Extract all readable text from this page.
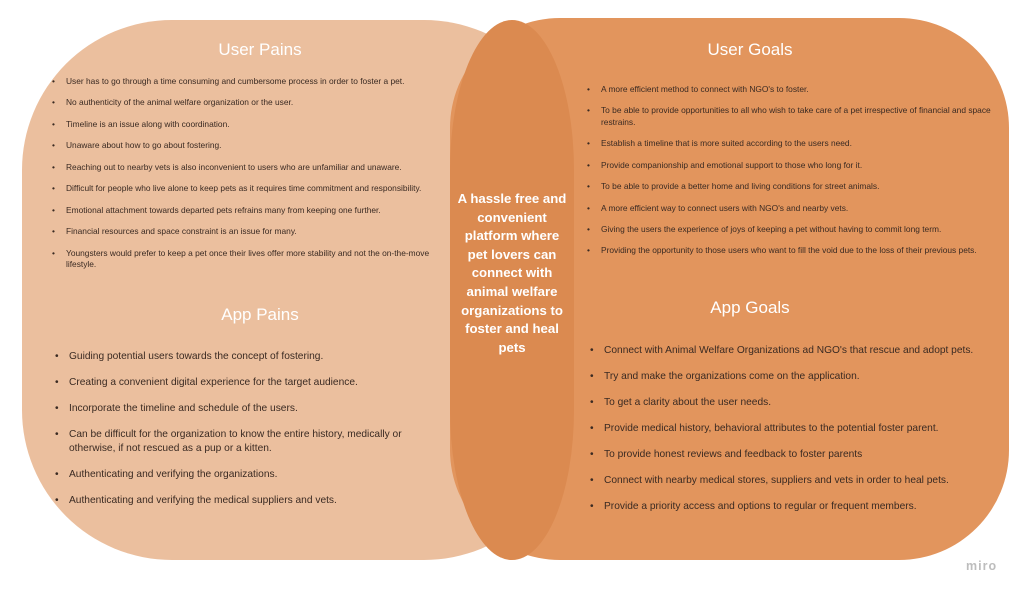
User Pains
• User has to go through a time consuming and cumbersome process in order to foster a pet.
• No authenticity of the animal welfare organization or the user.
• Timeline is an issue along with coordination.
• Unaware about how to go about fostering.
• Reaching out to nearby vets is also inconvenient to users who are unfamiliar and unaware.
• Difficult for people who live alone to keep pets as it requires time commitment and responsibility.
• Emotional attachment towards departed pets refrains many from keeping one further.
• Financial resources and space constraint is an issue for many.
• Youngsters would prefer to keep a pet once their lives offer more stability and not the on-the-move lifestyle.
App Pains
• Guiding potential users towards the concept of fostering.
• Creating a convenient digital experience for the target audience.
• Incorporate the timeline and schedule of the users.
• Can be difficult for the organization to know the entire history, medically or otherwise, if not rescued as a pup or a kitten.
• Authenticating and verifying the organizations.
• Authenticating and verifying the medical suppliers and vets.
User Goals
• A more efficient method to connect with NGO's to foster.
• To be able to provide opportunities to all who wish to take care of a pet irrespective of financial and space restrains.
• Establish a timeline that is more suited according to the users need.
• Provide companionship and emotional support to those who long for it.
• To be able to provide a better home and living conditions for street animals.
• A more efficient way to connect users with NGO's and nearby vets.
• Giving the users the experience of joys of keeping a pet without having to commit long term.
• Providing the opportunity to those users who want to fill the void due to the loss of their previous pets.
App Goals
• Connect with Animal Welfare Organizations ad NGO's that rescue and adopt pets.
• Try and make the organizations come on the application.
• To get a clarity about the user needs.
• Provide medical history, behavioral attributes to the potential foster parent.
• To provide honest reviews and feedback to foster parents
• Connect with nearby medical stores, suppliers and vets in order to heal pets.
• Provide a priority access and options to regular or frequent members.

A hassle free and convenient platform where pet lovers can connect with animal welfare organizations to foster and heal pets

miro
